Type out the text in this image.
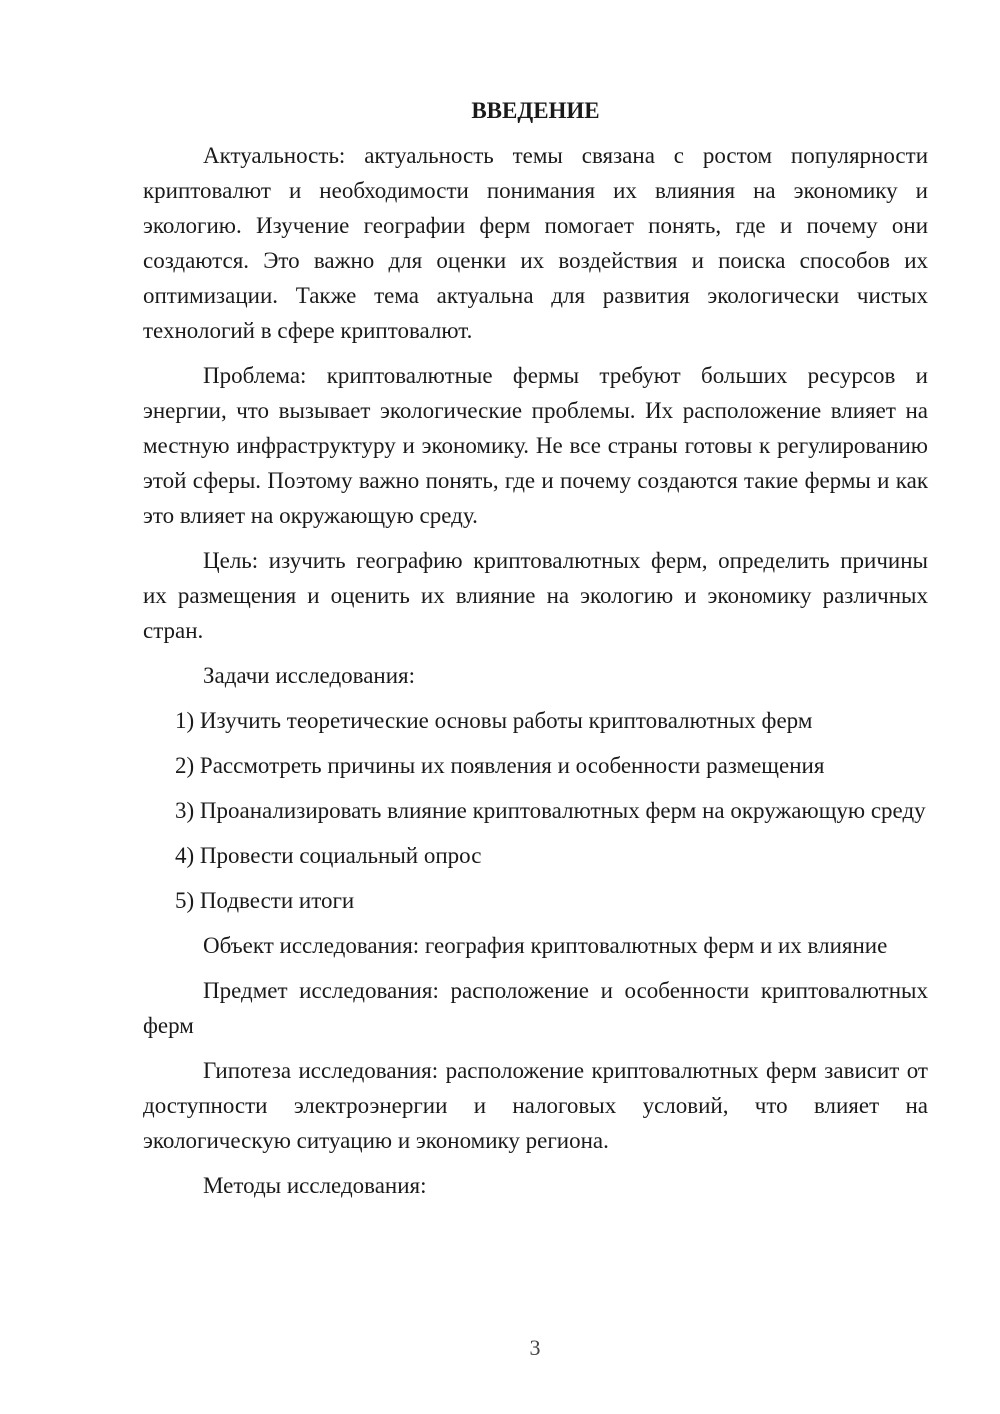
ВВЕДЕНИЕ

Актуальность: актуальность темы связана с ростом популярности криптовалют и необходимости понимания их влияния на экономику и экологию. Изучение географии ферм помогает понять, где и почему они создаются. Это важно для оценки их воздействия и поиска способов их оптимизации. Также тема актуальна для развития экологически чистых технологий в сфере криптовалют.

Проблема: криптовалютные фермы требуют больших ресурсов и энергии, что вызывает экологические проблемы. Их расположение влияет на местную инфраструктуру и экономику. Не все страны готовы к регулированию этой сферы. Поэтому важно понять, где и почему создаются такие фермы и как это влияет на окружающую среду.

Цель: изучить географию криптовалютных ферм, определить причины их размещения и оценить их влияние на экологию и экономику различных стран.

Задачи исследования:

1) Изучить теоретические основы работы криптовалютных ферм

2) Рассмотреть причины их появления и особенности размещения

3) Проанализировать влияние криптовалютных ферм на окружающую среду

4) Провести социальный опрос

5) Подвести итоги

Объект исследования: география криптовалютных ферм и их влияние

Предмет исследования: расположение и особенности криптовалютных ферм

Гипотеза исследования: расположение криптовалютных ферм зависит от доступности электроэнергии и налоговых условий, что влияет на экологическую ситуацию и экономику региона.

Методы исследования:

3
